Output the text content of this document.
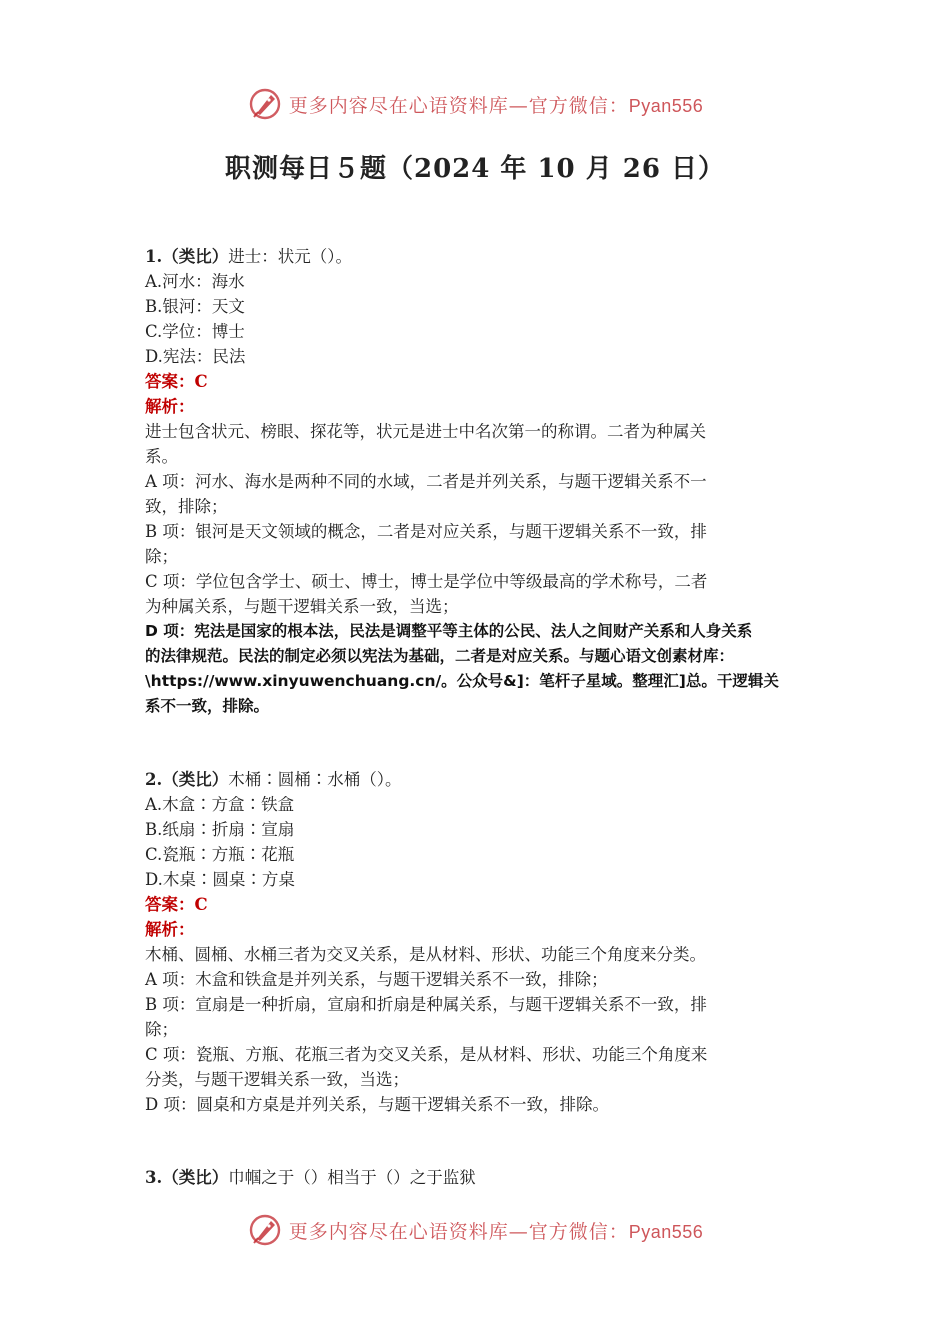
更多内容尽在心语资料库—官方微信：Pyan556
职测每日５题（2024 年 10 月 26 日）

1.（类比）进士：状元（）。

A.河水：海水

B.银河：天文

C.学位：博士

D.宪法：民法

答案：C

解析：

进士包含状元、榜眼、探花等，状元是进士中名次第一的称谓。二者为种属关

系。

A 项：河水、海水是两种不同的水域，二者是并列关系，与题干逻辑关系不一

致，排除；

B 项：银河是天文领域的概念，二者是对应关系，与题干逻辑关系不一致，排

除；

C 项：学位包含学士、硕士、博士，博士是学位中等级最高的学术称号，二者

为种属关系，与题干逻辑关系一致，当选；

D 项：宪法是国家的根本法，民法是调整平等主体的公民、法人之间财产关系和人身关系

的法律规范。民法的制定必须以宪法为基础，二者是对应关系。与题心语文创素材库：

\https://www.xinyuwenchuang.cn/。公众号&]：笔杆子星域。整理汇]总。干逻辑关

系不一致，排除。

2.（类比）木桶∶圆桶∶水桶（）。

A.木盒∶方盒∶铁盒

B.纸扇∶折扇∶宣扇

C.瓷瓶∶方瓶∶花瓶

D.木桌∶圆桌∶方桌

答案：C

解析：

木桶、圆桶、水桶三者为交叉关系，是从材料、形状、功能三个角度来分类。

A 项：木盒和铁盒是并列关系，与题干逻辑关系不一致，排除；

B 项：宣扇是一种折扇，宣扇和折扇是种属关系，与题干逻辑关系不一致，排

除；

C 项：瓷瓶、方瓶、花瓶三者为交叉关系，是从材料、形状、功能三个角度来

分类，与题干逻辑关系一致，当选；

D 项：圆桌和方桌是并列关系，与题干逻辑关系不一致，排除。

3.（类比）巾帼之于（）相当于（）之于监狱

更多内容尽在心语资料库—官方微信：Pyan556
